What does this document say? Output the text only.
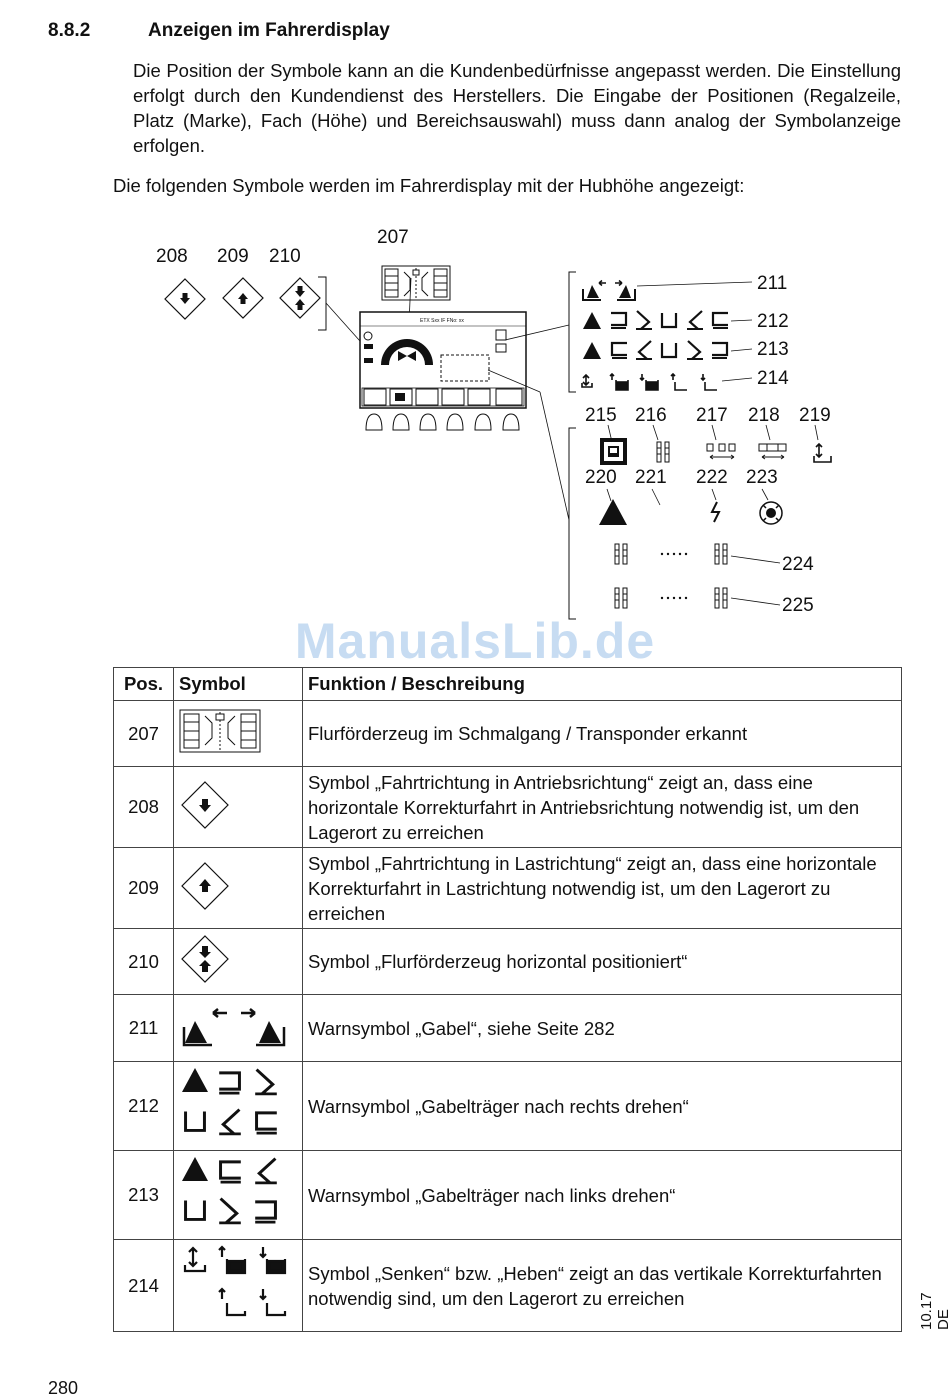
8.8.2	Anzeigen im Fahrerdisplay
Die Position der Symbole kann an die Kundenbedürfnisse angepasst werden. Die Einstellung erfolgt durch den Kundendienst des Herstellers. Die Eingabe der Positionen (Regalzeile, Platz (Marke), Fach (Höhe) und Bereichsauswahl) muss dann analog der Symbolanzeige erfolgen.
Die folgenden Symbole werden im Fahrerdisplay mit der Hubhöhe angezeigt:
208 209 210
207
ETX Sxx IF FNo: xx
211
212
213
214
215 216 217 218 219
220 221 222 223
224
225
ManualsLib.de
Pos.	Symbol	Funktion / Beschreibung
207		Flurförderzeug im Schmalgang / Transponder erkannt
208		Symbol „Fahrtrichtung in Antriebsrichtung“ zeigt an, dass eine horizontale Korrekturfahrt in Antriebsrichtung notwendig ist, um den Lagerort zu erreichen
209		Symbol „Fahrtrichtung in Lastrichtung“ zeigt an, dass eine horizontale Korrekturfahrt in Lastrichtung notwendig ist, um den Lagerort zu erreichen
210		Symbol „Flurförderzeug horizontal positioniert“
211		Warnsymbol „Gabel“, siehe Seite 282
212		Warnsymbol „Gabelträger nach rechts drehen“
213		Warnsymbol „Gabelträger nach links drehen“
214		Symbol „Senken“ bzw. „Heben“ zeigt an das vertikale Korrekturfahrten notwendig sind, um den Lagerort zu erreichen	10.17 DE
280
